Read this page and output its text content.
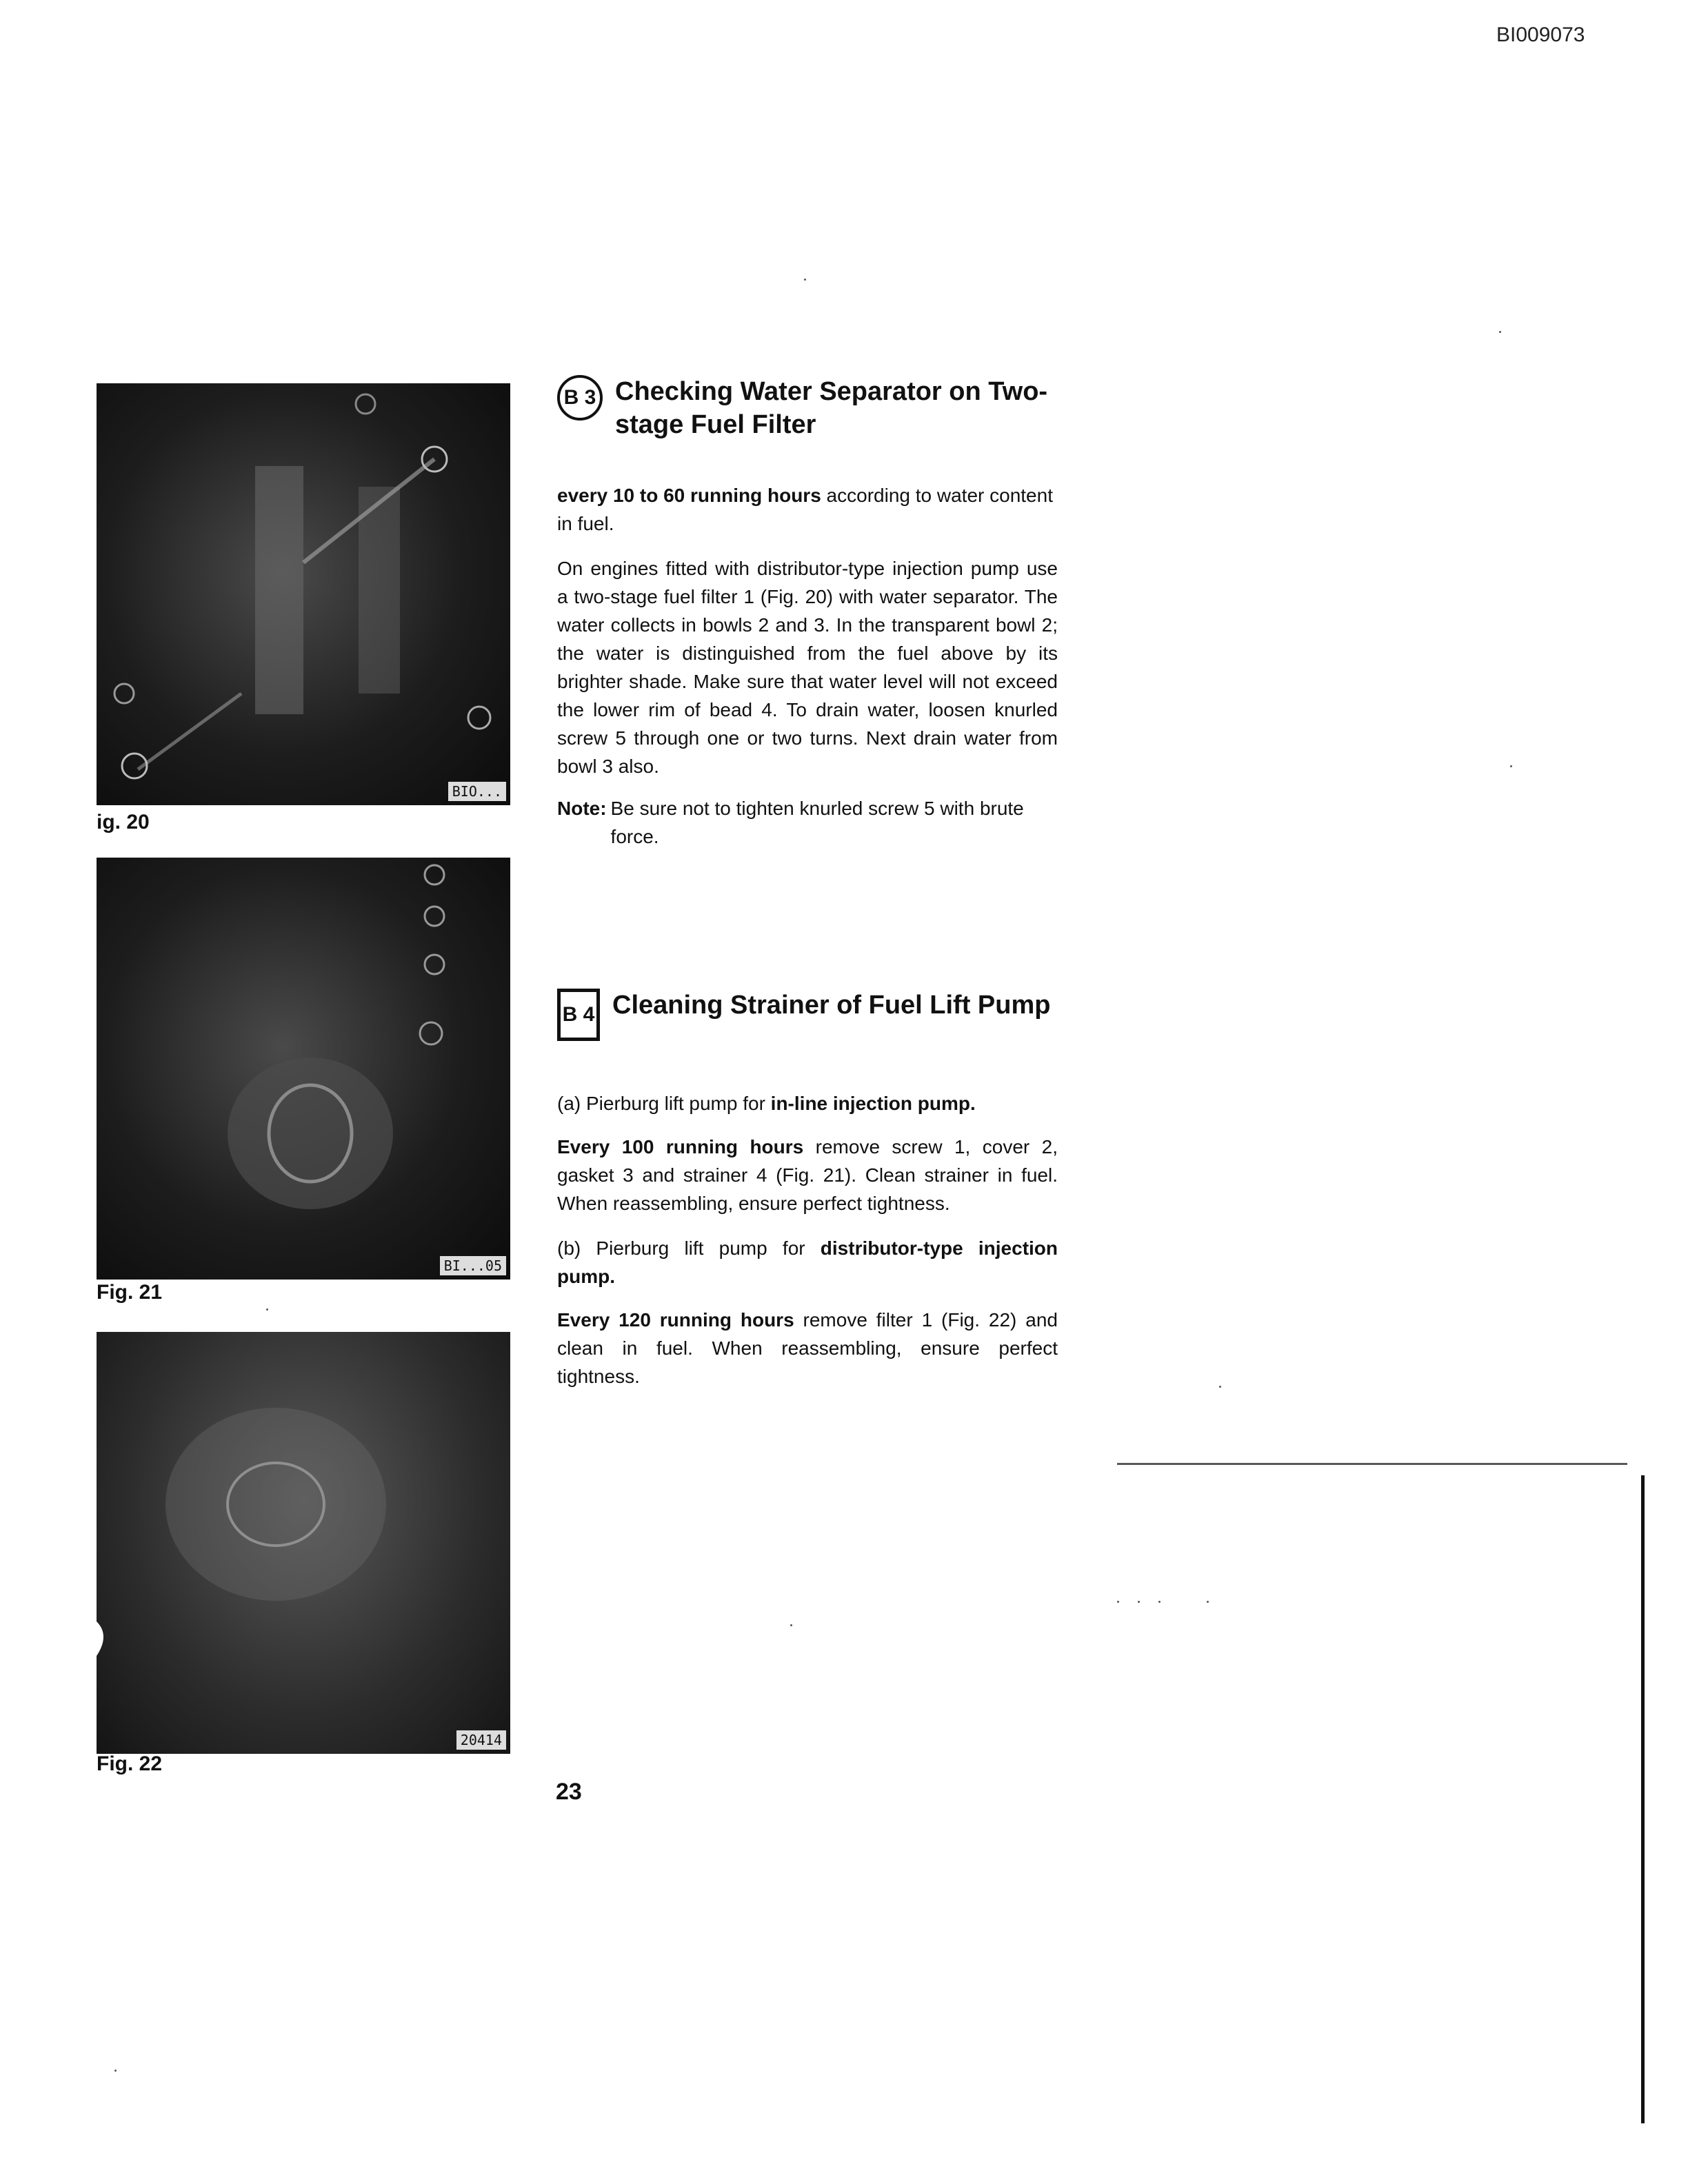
BI009073
BIO...
ig. 20
BI...05
Fig. 21
20414
Fig. 22
B 3 Checking Water Separator on Two-stage Fuel Filter

every 10 to 60 running hours according to water content in fuel.

On engines fitted with distributor-type injection pump use a two-stage fuel filter 1 (Fig. 20) with water separator. The water collects in bowls 2 and 3. In the transparent bowl 2; the water is distinguished from the fuel above by its brighter shade. Make sure that water level will not exceed the lower rim of bead 4. To drain water, loosen knurled screw 5 through one or two turns. Next drain water from bowl 3 also.

Note: Be sure not to tighten knurled screw 5 with brute force.
B 4 Cleaning Strainer of Fuel Lift Pump

(a) Pierburg lift pump for in-line injection pump.

Every 100 running hours remove screw 1, cover 2, gasket 3 and strainer 4 (Fig. 21). Clean strainer in fuel. When reassembling, ensure perfect tightness.

(b) Pierburg lift pump for distributor-type injection pump.

Every 120 running hours remove filter 1 (Fig. 22) and clean in fuel. When reassembling, ensure perfect tightness.

23
